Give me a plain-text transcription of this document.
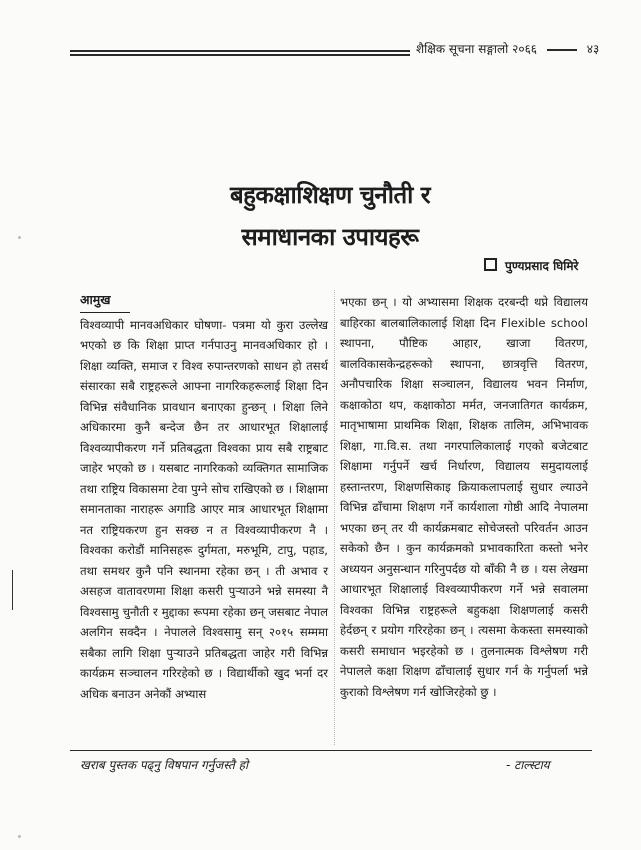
शैक्षिक सूचना सङ्गालो २०६६	४३
बहुकक्षाशिक्षण चुनौती र
समाधानका उपायहरू
पुण्यप्रसाद घिमिरे
आमुख

विश्वव्यापी मानवअधिकार घोषणा- पत्रमा यो कुरा उल्लेख भएको छ कि शिक्षा प्राप्त गर्नपाउनु मानवअधिकार हो । शिक्षा व्यक्ति, समाज र विश्व रुपान्तरणको साधन हो तसर्थ संसारका सबै राष्ट्रहरूले आफ्ना नागरिकहरूलाई शिक्षा दिन विभिन्न संवैधानिक प्रावधान बनाएका हुन्छन् । शिक्षा लिने अधिकारमा कुनै बन्देज छैन तर आधारभूत शिक्षालाई विश्वव्यापीकरण गर्ने प्रतिबद्धता विश्वका प्राय सबै राष्ट्रबाट जाहेर भएको छ । यसबाट नागरिकको व्यक्तिगत सामाजिक तथा राष्ट्रिय विकासमा टेवा पुग्ने सोच राखिएको छ । शिक्षामा समानताका नाराहरू अगाडि आएर मात्र आधारभूत शिक्षामा नत राष्ट्रियकरण हुन सक्छ न त विश्वव्यापीकरण नै । विश्वका करोडौं मानिसहरू दुर्गमता, मरुभूमि, टापु, पहाड, तथा समथर कुनै पनि स्थानमा रहेका छन् । ती अभाव र असहज वातावरणमा शिक्षा कसरी पुर्‍याउने भन्ने समस्या नै विश्वसामु चुनौती र मुद्दाका रूपमा रहेका छन् जसबाट नेपाल अलगिन सक्दैन । नेपालले विश्वसामु सन् २०१५ सम्ममा सबैका लागि शिक्षा पुर्‍याउने प्रतिबद्धता जाहेर गरी विभिन्न कार्यक्रम सञ्चालन गरिरहेको छ । विद्यार्थीको खुद भर्ना दर अधिक बनाउन अनेकौं अभ्यास

भएका छन् । यो अभ्यासमा शिक्षक दरबन्दी थप्ने विद्यालय बाहिरका बालबालिकालाई शिक्षा दिन Flexible school स्थापना, पौष्टिक आहार, खाजा वितरण, बालविकासकेन्द्रहरूको स्थापना, छात्रवृत्ति वितरण, अनौपचारिक शिक्षा सञ्चालन, विद्यालय भवन निर्माण, कक्षाकोठा थप, कक्षाकोठा मर्मत, जनजातिगत कार्यक्रम, मातृभाषामा प्राथमिक शिक्षा, शिक्षक तालिम, अभिभावक शिक्षा, गा.वि.स. तथा नगरपालिकालाई गएको बजेटबाट शिक्षामा गर्नुपर्ने खर्च निर्धारण, विद्यालय समुदायलाई हस्तान्तरण, शिक्षणसिकाइ क्रियाकलापलाई सुधार ल्याउने विभिन्न ढाँचामा शिक्षण गर्ने कार्यशाला गोष्ठी आदि नेपालमा भएका छन् तर यी कार्यक्रमबाट सोचेजस्तो परिवर्तन आउन सकेको छैन । कुन कार्यक्रमको प्रभावकारिता कस्तो भनेर अध्ययन अनुसन्धान गरिनुपर्दछ यो बाँकी नै छ । यस लेखमा आधारभूत शिक्षालाई विश्वव्यापीकरण गर्ने भन्ने सवालमा विश्वका विभिन्न राष्ट्रहरूले बहुकक्षा शिक्षणलाई कसरी हेर्दछन् र प्रयोग गरिरहेका छन् । त्यसमा केकस्ता समस्याको कसरी समाधान भइरहेको छ । तुलनात्मक विश्लेषण गरी नेपालले कक्षा शिक्षण ढाँचालाई सुधार गर्न के गर्नुपर्ला भन्ने कुराको विश्लेषण गर्न खोजिरहेको छु ।

खराब पुस्तक पढ्नु विषपान गर्नुजस्तै हो	- टाल्स्टाय
